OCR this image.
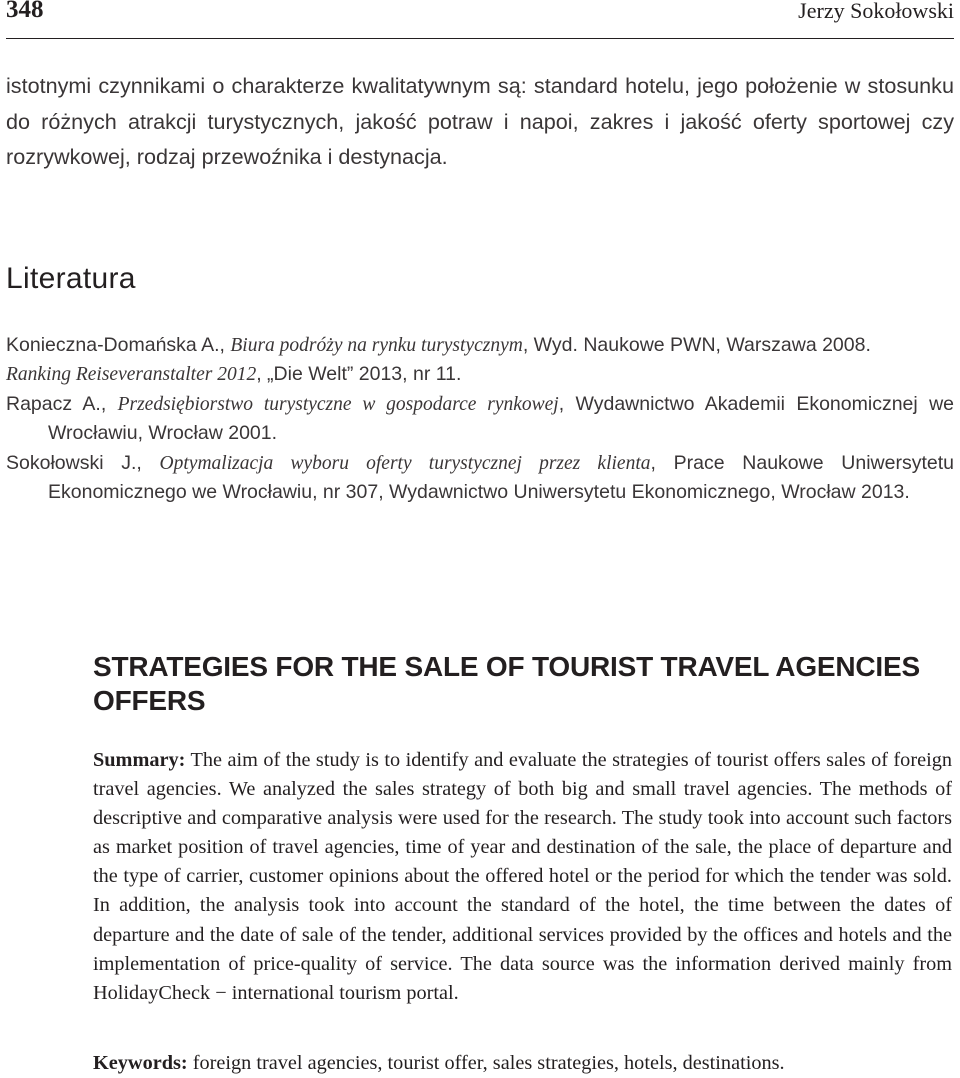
348	Jerzy Sokołowski

istotnymi czynnikami o charakterze kwalitatywnym są: standard hotelu, jego położenie w stosunku do różnych atrakcji turystycznych, jakość potraw i napoi, zakres i jakość oferty sportowej czy rozrywkowej, rodzaj przewoźnika i destynacja.

Literatura
Konieczna-Domańska A., Biura podróży na rynku turystycznym, Wyd. Naukowe PWN, Warszawa 2008.
Ranking Reiseveranstalter 2012, „Die Welt” 2013, nr 11.
Rapacz A., Przedsiębiorstwo turystyczne w gospodarce rynkowej, Wydawnictwo Akademii Ekonomicznej we Wrocławiu, Wrocław 2001.
Sokołowski J., Optymalizacja wyboru oferty turystycznej przez klienta, Prace Naukowe Uniwersytetu Ekonomicznego we Wrocławiu, nr 307, Wydawnictwo Uniwersytetu Ekonomicznego, Wrocław 2013.
STRATEGIES FOR THE SALE OF TOURIST TRAVEL AGENCIES OFFERS

Summary: The aim of the study is to identify and evaluate the strategies of tourist offers sales of foreign travel agencies. We analyzed the sales strategy of both big and small travel agencies. The methods of descriptive and comparative analysis were used for the research. The study took into account such factors as market position of travel agencies, time of year and destination of the sale, the place of departure and the type of carrier, customer opinions about the offered hotel or the period for which the tender was sold. In addition, the analysis took into account the standard of the hotel, the time between the dates of departure and the date of sale of the tender, additional services provided by the offices and hotels and the implementation of price-quality of service. The data source was the information derived mainly from HolidayCheck − international tourism portal.

Keywords: foreign travel agencies, tourist offer, sales strategies, hotels, destinations.
